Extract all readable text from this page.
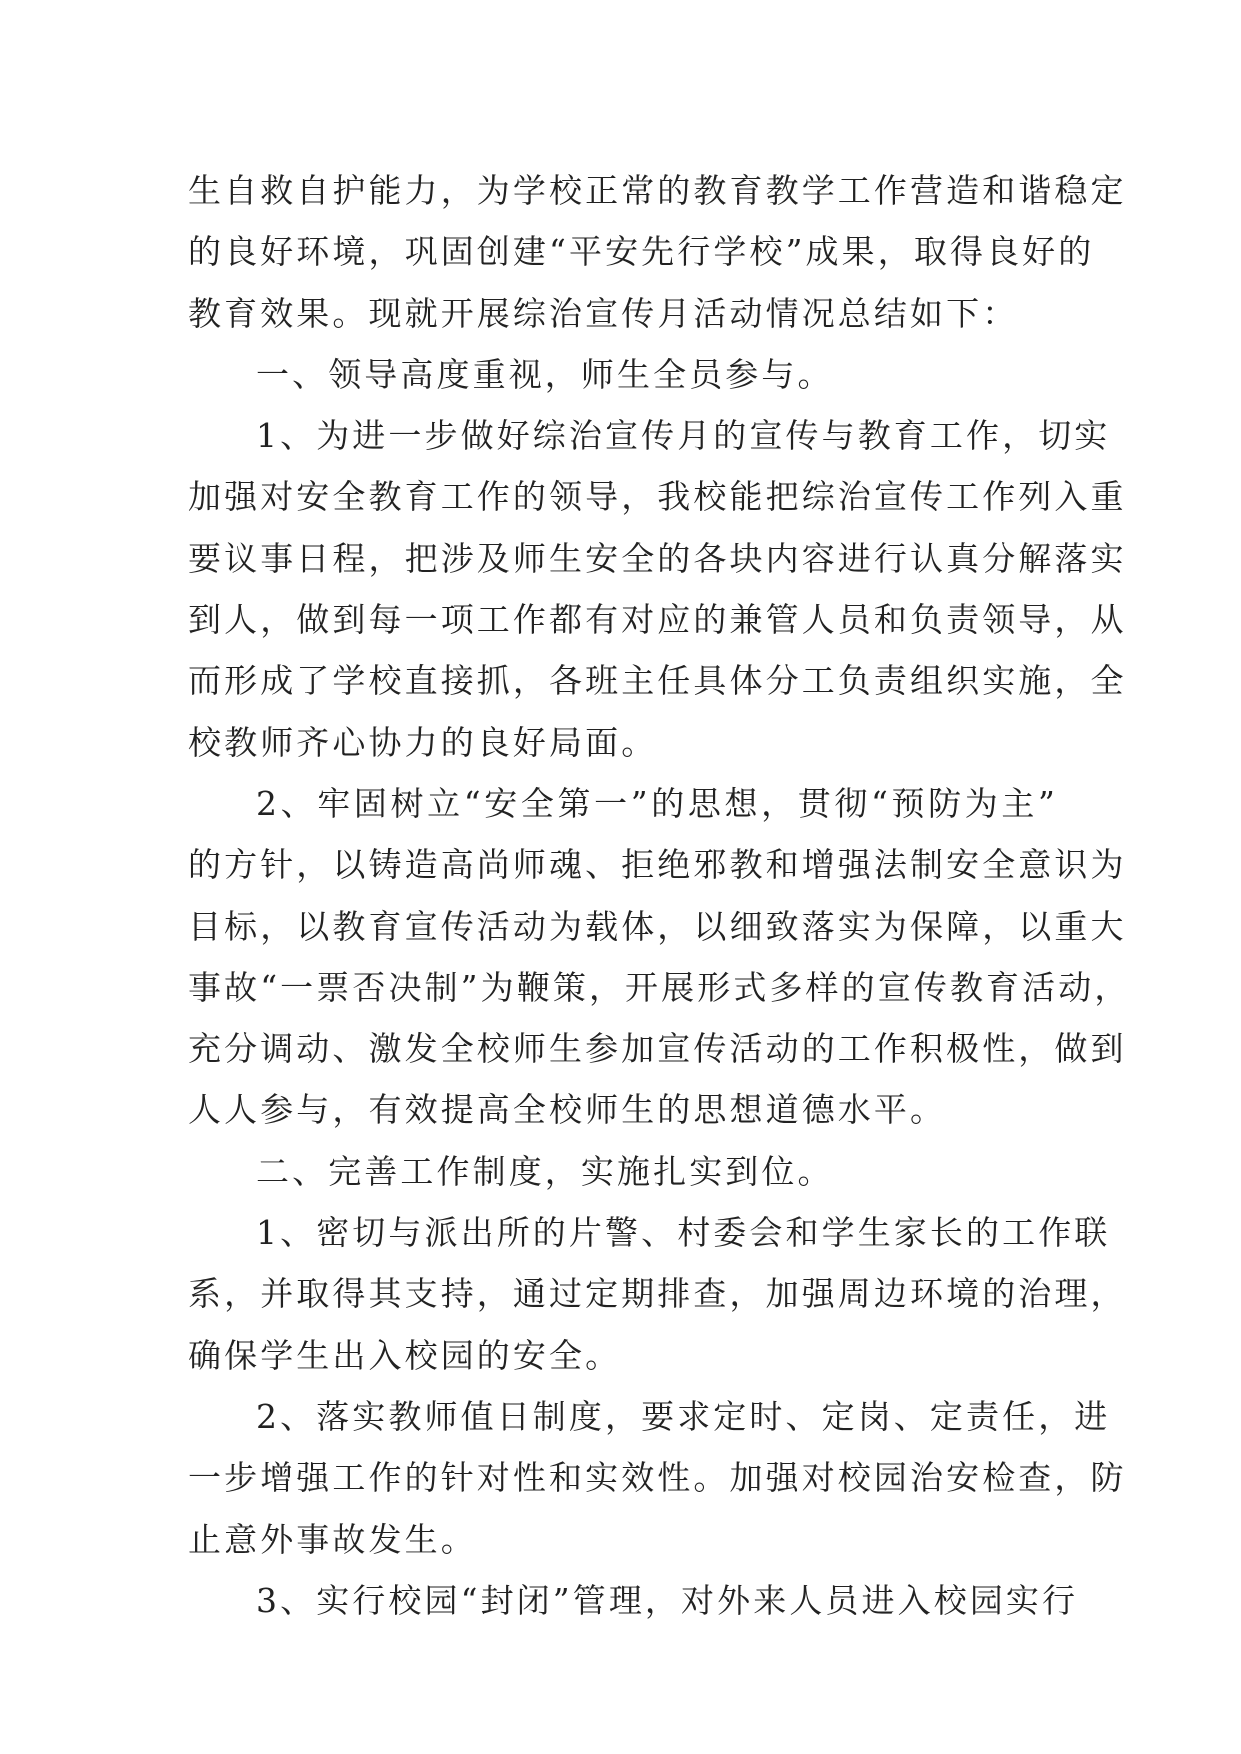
生自救自护能力，为学校正常的教育教学工作营造和谐稳定
的良好环境，巩固创建“平安先行学校”成果，取得良好的
教育效果。现就开展综治宣传月活动情况总结如下：
一、领导高度重视，师生全员参与。
1、为进一步做好综治宣传月的宣传与教育工作，切实
加强对安全教育工作的领导，我校能把综治宣传工作列入重
要议事日程，把涉及师生安全的各块内容进行认真分解落实
到人，做到每一项工作都有对应的兼管人员和负责领导，从
而形成了学校直接抓，各班主任具体分工负责组织实施，全
校教师齐心协力的良好局面。
2、牢固树立“安全第一”的思想，贯彻“预防为主”
的方针，以铸造高尚师魂、拒绝邪教和增强法制安全意识为
目标，以教育宣传活动为载体，以细致落实为保障，以重大
事故“一票否决制”为鞭策，开展形式多样的宣传教育活动，
充分调动、激发全校师生参加宣传活动的工作积极性，做到
人人参与，有效提高全校师生的思想道德水平。
二、完善工作制度，实施扎实到位。
1、密切与派出所的片警、村委会和学生家长的工作联
系，并取得其支持，通过定期排查，加强周边环境的治理，
确保学生出入校园的安全。
2、落实教师值日制度，要求定时、定岗、定责任，进
一步增强工作的针对性和实效性。加强对校园治安检查，防
止意外事故发生。
3、实行校园“封闭”管理，对外来人员进入校园实行
